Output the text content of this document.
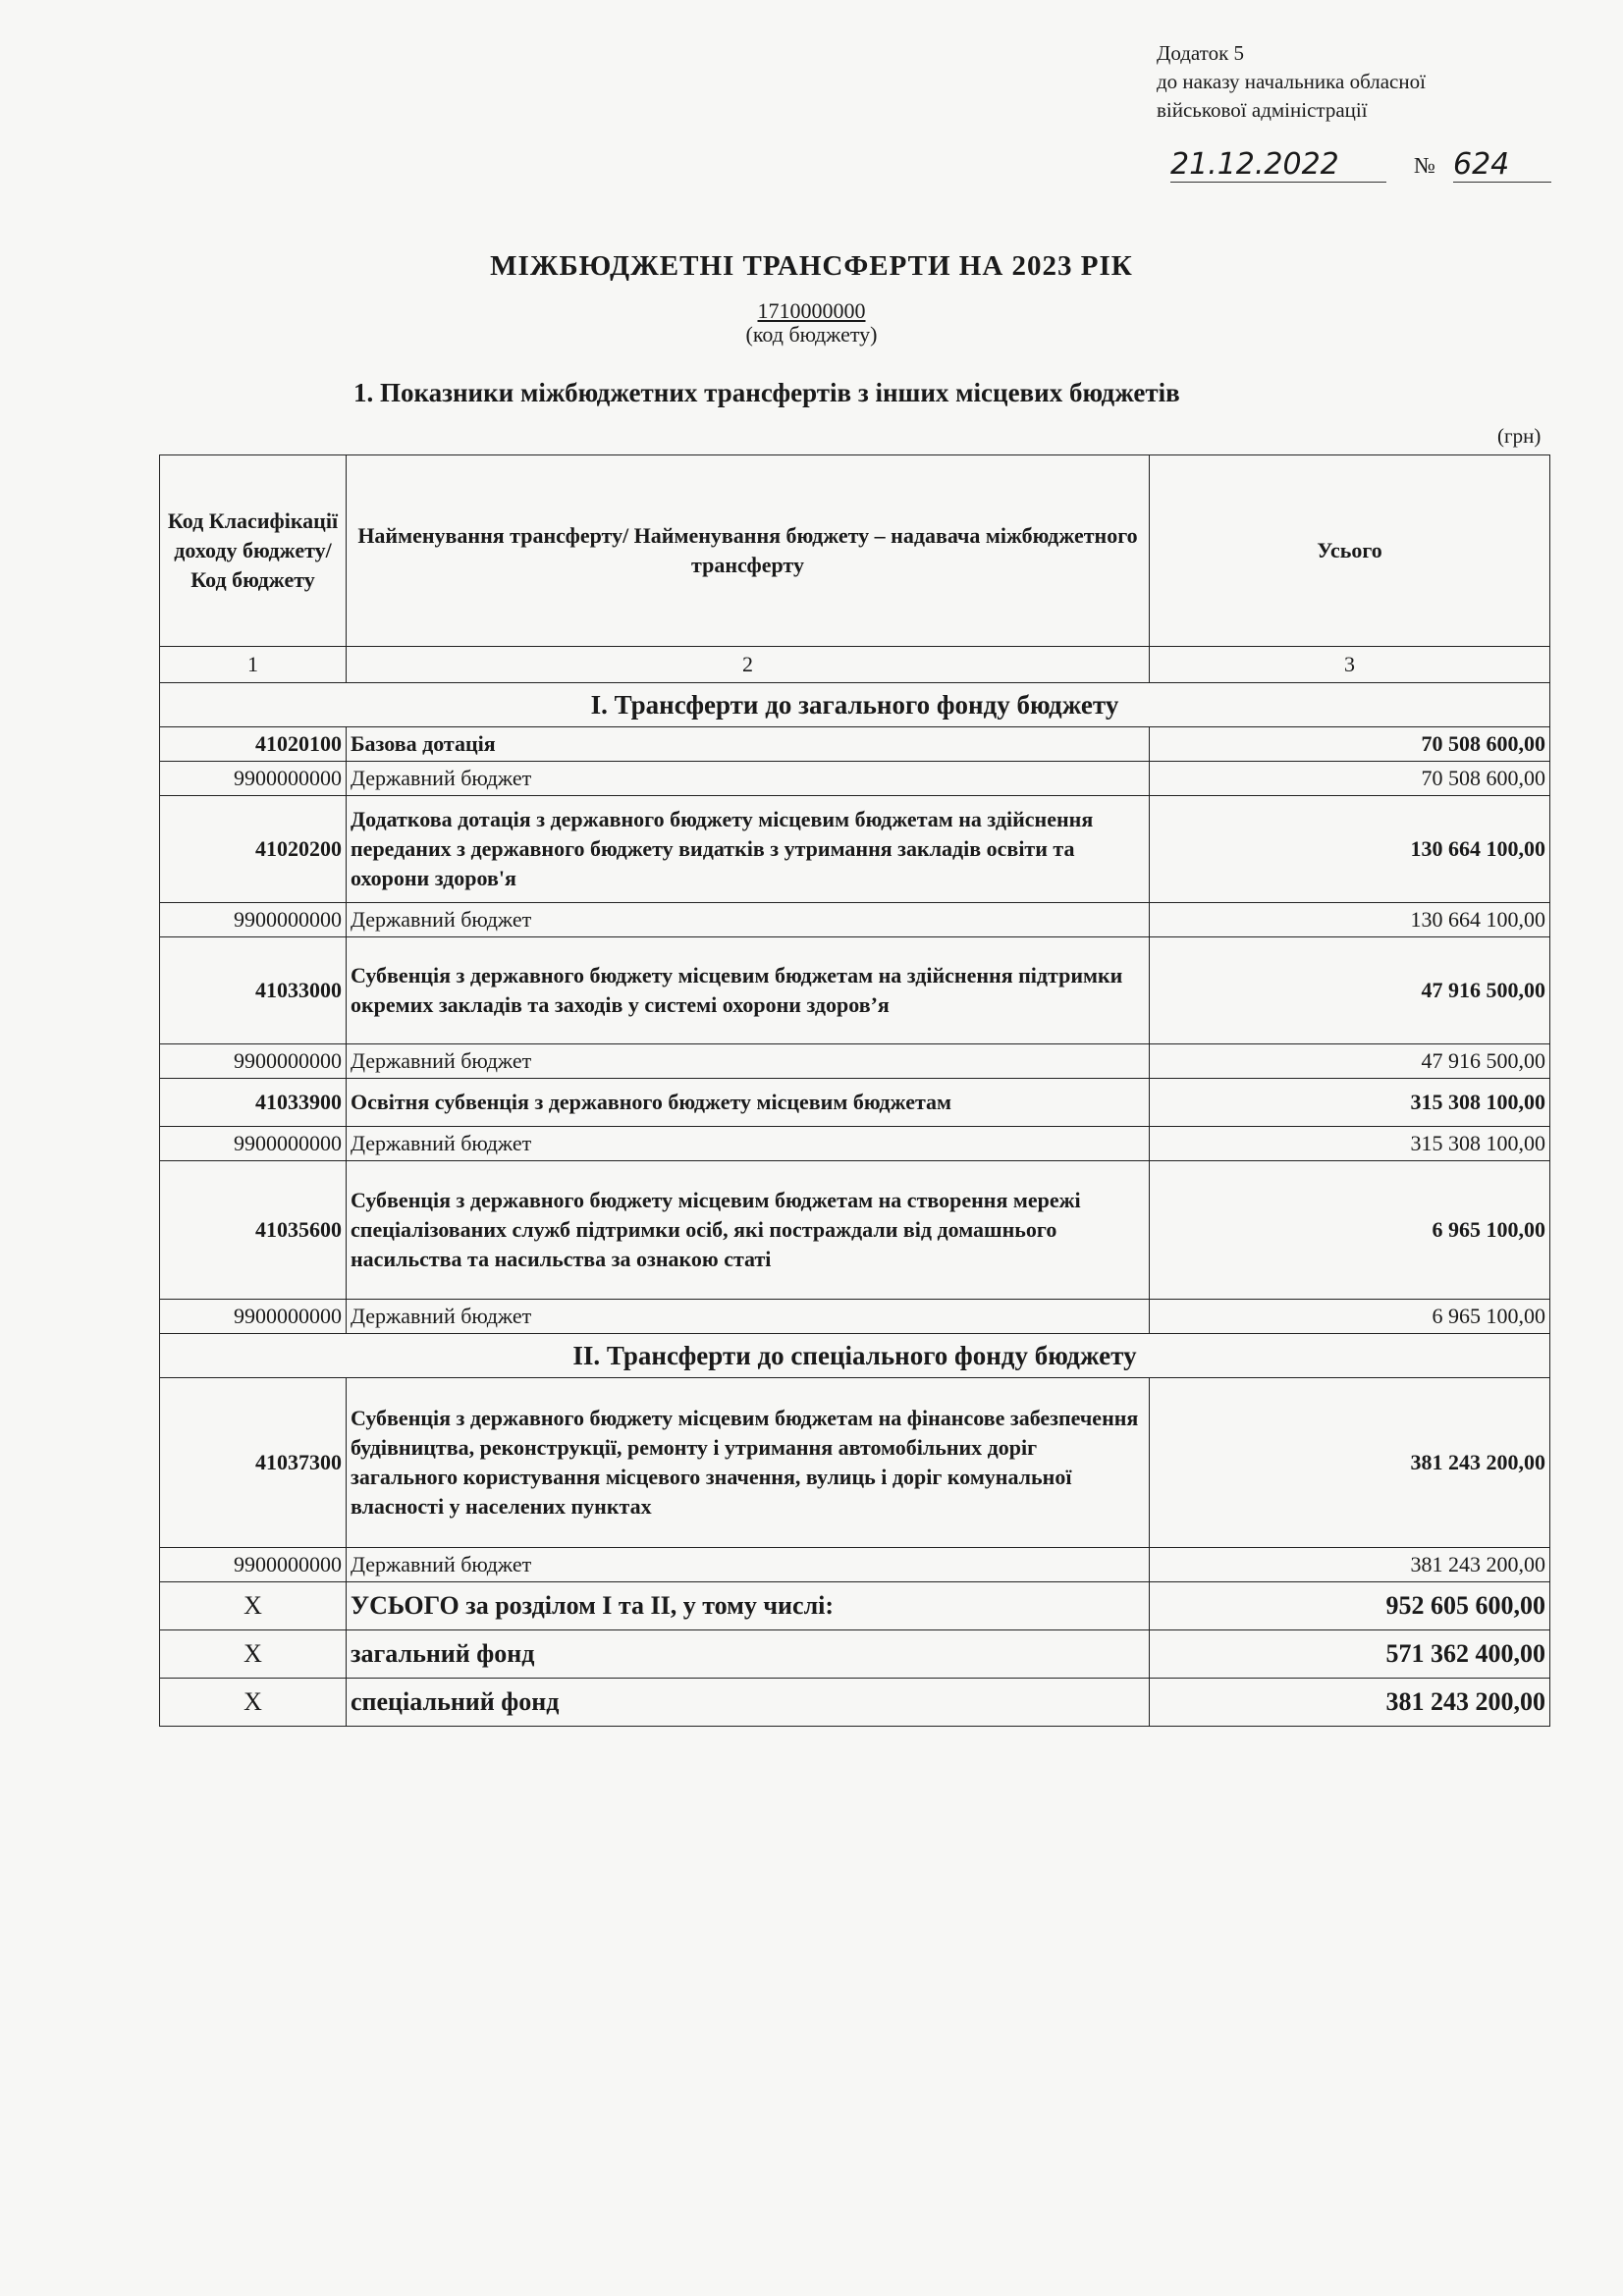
Додаток 5
до наказу начальника обласної
військової адміністрації
21.12.2022	№ 624
МІЖБЮДЖЕТНІ ТРАНСФЕРТИ НА 2023 РІК
1710000000
(код бюджету)
1. Показники міжбюджетних трансфертів з інших місцевих бюджетів
(грн)
Код Класифікації доходу бюджету/ Код бюджету	Найменування трансферту/ Найменування бюджету – надавача міжбюджетного трансферту	Усього
1	2	3
І. Трансферти до загального фонду бюджету		
41020100	Базова дотація	70 508 600,00
9900000000	Державний бюджет	70 508 600,00
41020200	Додаткова дотація з державного бюджету місцевим бюджетам на здійснення переданих з державного бюджету видатків з утримання закладів освіти та охорони здоров'я	130 664 100,00
9900000000	Державний бюджет	130 664 100,00
41033000	Субвенція з державного бюджету місцевим бюджетам на здійснення підтримки окремих закладів та заходів у системі охорони здоров’я	47 916 500,00
9900000000	Державний бюджет	47 916 500,00
41033900	Освітня субвенція з державного бюджету місцевим бюджетам	315 308 100,00
9900000000	Державний бюджет	315 308 100,00
41035600	Субвенція з державного бюджету місцевим бюджетам на створення мережі спеціалізованих служб підтримки осіб, які постраждали від домашнього насильства та насильства за ознакою статі	6 965 100,00
9900000000	Державний бюджет	6 965 100,00
ІІ. Трансферти до спеціального фонду бюджету		
41037300	Субвенція з державного бюджету місцевим бюджетам на фінансове забезпечення будівництва, реконструкції, ремонту і утримання автомобільних доріг загального користування місцевого значення, вулиць і доріг комунальної власності у населених пунктах	381 243 200,00
9900000000	Державний бюджет	381 243 200,00
X	УСЬОГО за розділом І та ІІ, у тому числі:	952 605 600,00
X	загальний фонд	571 362 400,00
X	спеціальний фонд	381 243 200,00
